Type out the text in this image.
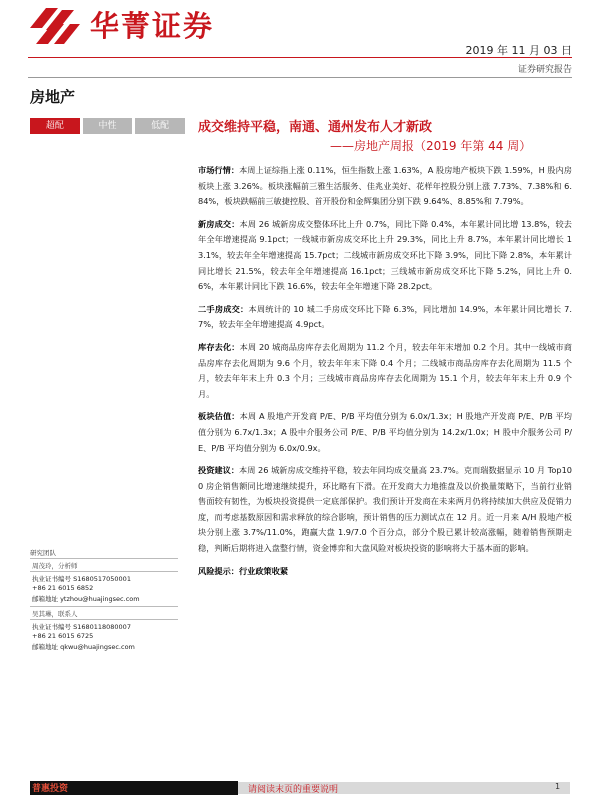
华菁证券
2019 年 11 月 03 日
证券研究报告
房地产
超配	中性	低配	成交维持平稳，南通、通州发布人才新政
——房地产周报（2019 年第 44 周）

市场行情：本周上证综指上涨 0.11%，恒生指数上涨 1.63%，A 股房地产板块下跌 1.59%，H 股内房板块上涨 3.26%。板块涨幅前三雅生活服务、佳兆业美好、花样年控股分别上涨 7.73%、7.38%和 6.84%，板块跌幅前三敏捷控股、首开股份和金辉集团分别下跌 9.64%、8.85%和 7.79%。

新房成交：本周 26 城新房成交整体环比上升 0.7%，同比下降 0.4%，本年累计同比增 13.8%，较去年全年增速提高 9.1pct；一线城市新房成交环比上升 29.3%，同比上升 8.7%，本年累计同比增长 13.1%，较去年全年增速提高 15.7pct；二线城市新房成交环比下降 3.9%，同比下降 2.8%，本年累计同比增长 21.5%，较去年全年增速提高 16.1pct；三线城市新房成交环比下降 5.2%，同比上升 0.6%，本年累计同比下跌 16.6%，较去年全年增速下降 28.2pct。

二手房成交：本周统计的 10 城二手房成交环比下降 6.3%，同比增加 14.9%，本年累计同比增长 7.7%，较去年全年增速提高 4.9pct。

库存去化：本周 20 城商品房库存去化周期为 11.2 个月，较去年年末增加 0.2 个月。其中一线城市商品房库存去化周期为 9.6 个月，较去年年末下降 0.4 个月；二线城市商品房库存去化周期为 11.5 个月，较去年年末上升 0.3 个月；三线城市商品房库存去化周期为 15.1 个月，较去年年末上升 0.9 个月。

板块估值：本周 A 股地产开发商 P/E、P/B 平均值分别为 6.0x/1.3x；H 股地产开发商 P/E、P/B 平均值分别为 6.7x/1.3x；A 股中介服务公司 P/E、P/B 平均值分别为 14.2x/1.0x；H 股中介服务公司 P/E、P/B 平均值分别为 6.0x/0.9x。

投资建议：本周 26 城新房成交维持平稳，较去年同均成交量高 23.7%。克而瑞数据显示 10 月 Top100 房企销售额同比增速继续提升，环比略有下滑。在开发商大力地推盘及以价换量策略下，当前行业销售面较有韧性，为板块投资提供一定底部保护。我们预计开发商在未来两月仍将持续加大供应及促销力度，而考虑基数原因和需求释放的综合影响，预计销售的压力测试点在 12 月。近一月来 A/H 股地产板块分别上涨 3.7%/11.0%，跑赢大盘 1.9/7.0 个百分点，部分个股已累计较高涨幅，随着销售预期走稳，判断后期将进入盘整行情，资金博弈和大盘风险对板块投资的影响将大于基本面的影响。

风险提示：行业政策收紧

研究团队
周茂玲，分析师
执业证书编号 S1680517050001
+86 21 6015 6852
邮箱地址 ytzhou@huajingsec.com
吴其琳，联系人
执业证书编号 S1680118080007
+86 21 6015 6725
邮箱地址 qkwu@huajingsec.com
普惠投资	请阅读末页的重要说明	1
